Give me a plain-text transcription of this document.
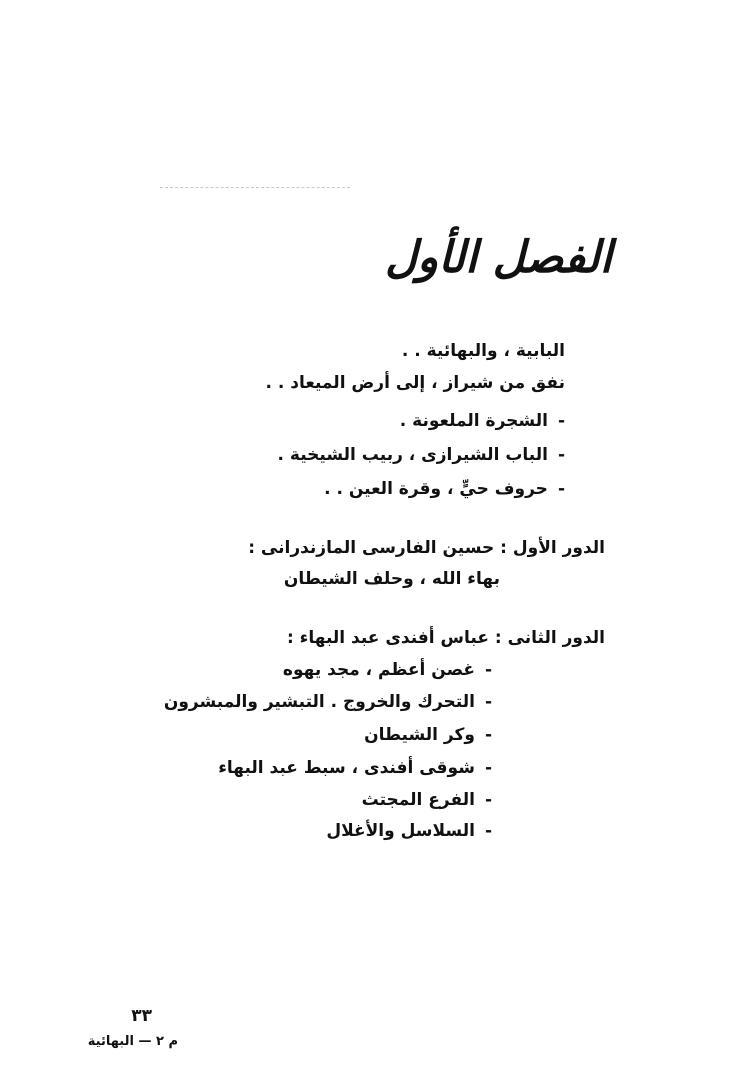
الفصل الأول
البابية ، والبهائية . .
نفق من شيراز ، إلى أرض الميعاد . .
-الشجرة الملعونة .
-الباب الشيرازى ، ربيب الشيخية .
-حروف حيٍّ ، وقرة العين . .
الدور الأول : حسين الفارسى المازندرانى :
بهاء الله ، وحلف الشيطان
الدور الثانى : عباس أفندى عبد البهاء :
-غصن أعظم ، مجد يهوه
-التحرك والخروج . التبشير والمبشرون
-وكر الشيطان
-شوقى أفندى ، سبط عبد البهاء
-الفرع المجتث
-السلاسل والأغلال
٣٣
م ٢ — البهائية
